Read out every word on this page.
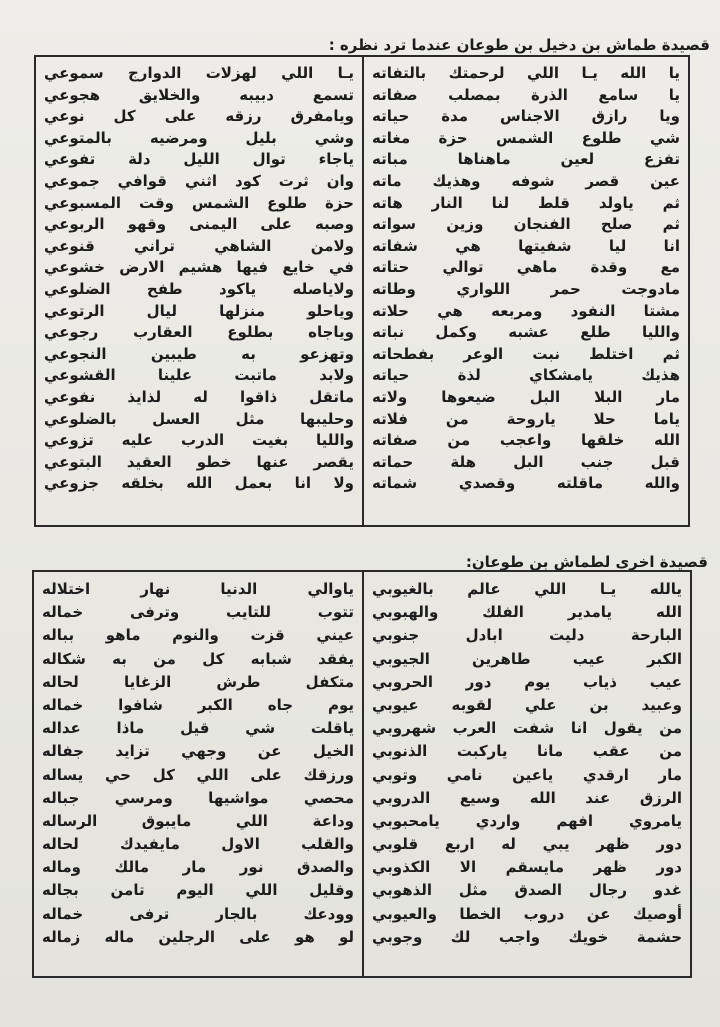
قصيدة طماش بن دخيل بن طوعان عندما ترد نظره :
يا الله يـا اللي لرحمتك بالتفاته
يا سامع الذرة بمصلب صفاته
ويا رازق الاجناس مدة حياته
شي طلوع الشمس حزة مغاته
تفزع لعين ماهناها مباته
عين قصر شوفه وهذيك ماته
ثم ياولد قلط لنا النار هاته
ثم صلح الفنجان وزين سواته
انا ليا شفيتها هي شفاته
مع وقدة ماهي توالي حتاته
مادوجت حمر اللواري وطاته
مشتا النفود ومربعه هي حلاته
والليا طلع عشبه وكمل نباته
ثم اختلط نبت الوعر بفطحاته
هذيك يامشكاي لذة حياته
مار البلا البل ضيعوها ولاته
ياما حلا ياروحة من فلاته
الله خلقها واعجب من صفاته
قبل جنب البل هلة حماته
والله ماقلته وقصدي شماته
يـا اللي لهزلات الدوارج سموعي
تسمع دبيبه والخلايق هجوعي
ويامفرق رزقه على كل نوعي
وشي بليل ومرضيه بالمتوعي
ياجاء توال الليل دلة تفوعي
وان ثرت كود اثني قوافي جموعي
حزة طلوع الشمس وقت المسبوعي
وصبه على اليمنى وقهو الربوعي
ولامن الشاهي تراني قنوعي
في خايع فيها هشيم الارض خشوعي
ولاياصله ياكود طفح الضلوعي
وياحلو منزلها ليال الرتوعي
وياجاه بطلوع العقارب رجوعي
وتهزعو به طيبين النجوعي
ولابد ماتبت علينا القشوعي
ماتقل ذاقوا له لذايذ نفوعي
وحليبها مثل العسل بالضلوعي
والليا بغيت الدرب عليه تزوعي
يقصر عنها خطو العقيد البتوعي
ولا انا بعمل الله بخلقه جزوعي
قصيدة اخرى لطماش بن طوعان:
يالله يـا اللي عالم بالغيوبي
الله يامدير الفلك والهبوبي
البارحة دليت ابادل جنوبي
الكبر عيب طاهرين الجيوبي
عيب ذياب يوم دور الحروبي
وعبيد بن علي لقوبه عيوبي
من يقول انا شفت العرب شهروبي
من عقب مانا ياركبت الذنوبي
مار ارقدي ياعين نامي وتوبي
الرزق عند الله وسيع الدروبي
يامروي افهم واردي يامحبوبي
دور ظهر يبي له اربع قلوبي
دور ظهر مايسقم الا الكذوبي
غدو رجال الصدق مثل الذهوبي
أوصيك عن دروب الخطا والعيوبي
حشمة خويك واجب لك وجوبي
ياوالي الدنيا نهار اختلاله
تتوب للتايب وترفى خماله
عيني قزت والنوم ماهو بباله
يفقد شبابه كل من به شكاله
متكفل طرش الزغايا لحاله
يوم جاه الكبر شافوا خماله
ياقلت شي قيل ماذا عداله
الخيل عن وجهي تزايد جفاله
ورزقك على اللي كل حي يساله
محصي مواشيها ومرسي جباله
وداعة اللي مايبوق الرساله
والقلب الاول مايفيدك لحاله
والصدق نور مار مالك وماله
وقليل اللي اليوم تامن بجاله
وودعك بالجار ترفى خماله
لو هو على الرجلين ماله زماله
